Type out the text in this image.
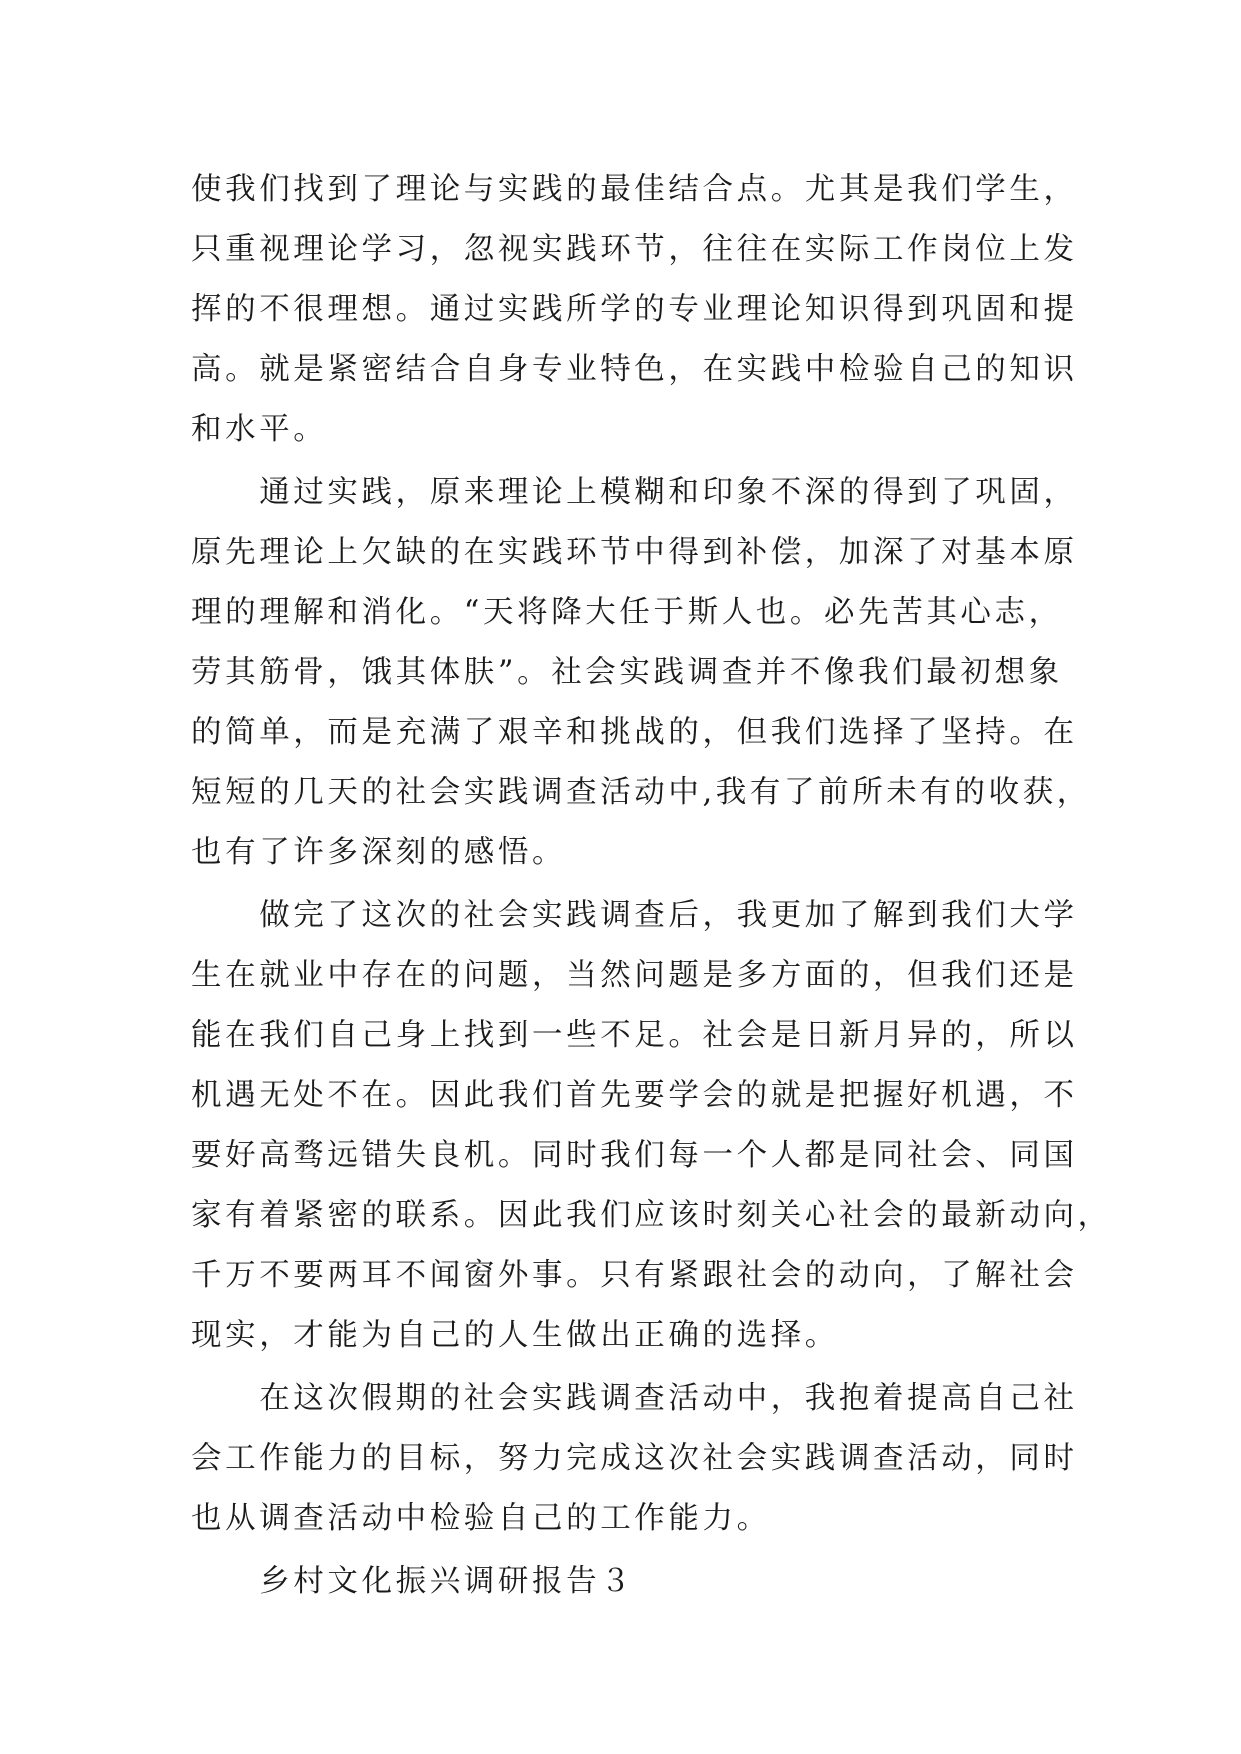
使我们找到了理论与实践的最佳结合点。尤其是我们学生，
只重视理论学习，忽视实践环节，往往在实际工作岗位上发
挥的不很理想。通过实践所学的专业理论知识得到巩固和提
高。就是紧密结合自身专业特色，在实践中检验自己的知识
和水平。
　　通过实践，原来理论上模糊和印象不深的得到了巩固，
原先理论上欠缺的在实践环节中得到补偿，加深了对基本原
理的理解和消化。“天将降大任于斯人也。必先苦其心志，
劳其筋骨，饿其体肤”。社会实践调查并不像我们最初想象
的简单，而是充满了艰辛和挑战的，但我们选择了坚持。在
短短的几天的社会实践调查活动中,我有了前所未有的收获，
也有了许多深刻的感悟。
　　做完了这次的社会实践调查后，我更加了解到我们大学
生在就业中存在的问题，当然问题是多方面的，但我们还是
能在我们自己身上找到一些不足。社会是日新月异的，所以
机遇无处不在。因此我们首先要学会的就是把握好机遇，不
要好高骛远错失良机。同时我们每一个人都是同社会、同国
家有着紧密的联系。因此我们应该时刻关心社会的最新动向，
千万不要两耳不闻窗外事。只有紧跟社会的动向，了解社会
现实，才能为自己的人生做出正确的选择。
　　在这次假期的社会实践调查活动中，我抱着提高自己社
会工作能力的目标，努力完成这次社会实践调查活动，同时
也从调查活动中检验自己的工作能力。
　　乡村文化振兴调研报告３
